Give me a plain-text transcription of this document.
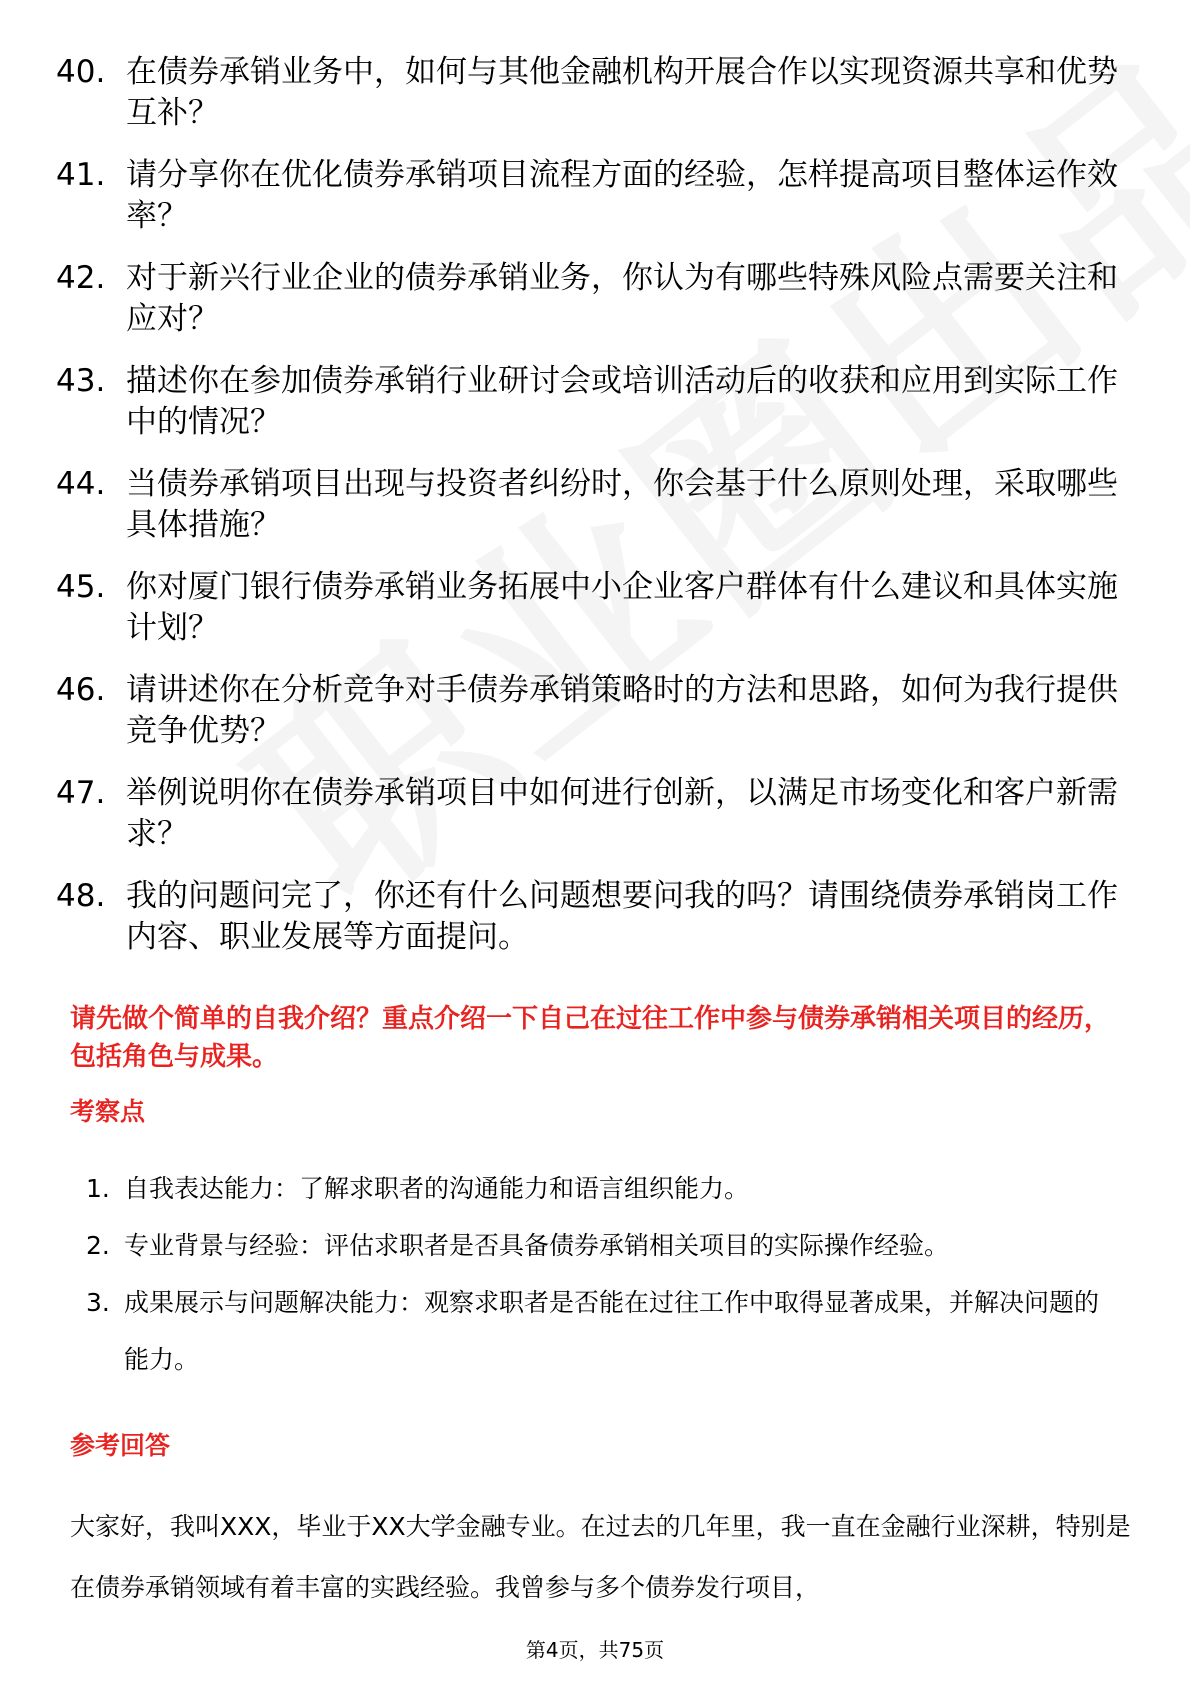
40. 在债券承销业务中，如何与其他金融机构开展合作以实现资源共享和优势互补？
41. 请分享你在优化债券承销项目流程方面的经验，怎样提高项目整体运作效率？
42. 对于新兴行业企业的债券承销业务，你认为有哪些特殊风险点需要关注和应对？
43. 描述你在参加债券承销行业研讨会或培训活动后的收获和应用到实际工作中的情况？
44. 当债券承销项目出现与投资者纠纷时，你会基于什么原则处理，采取哪些具体措施？
45. 你对厦门银行债券承销业务拓展中小企业客户群体有什么建议和具体实施计划？
46. 请讲述你在分析竞争对手债券承销策略时的方法和思路，如何为我行提供竞争优势？
47. 举例说明你在债券承销项目中如何进行创新，以满足市场变化和客户新需求？
48. 我的问题问完了，你还有什么问题想要问我的吗？请围绕债券承销岗工作内容、职业发展等方面提问。

请先做个简单的自我介绍？重点介绍一下自己在过往工作中参与债券承销相关项目的经历，包括角色与成果。

考察点

1. 自我表达能力：了解求职者的沟通能力和语言组织能力。
2. 专业背景与经验：评估求职者是否具备债券承销相关项目的实际操作经验。
3. 成果展示与问题解决能力：观察求职者是否能在过往工作中取得显著成果，并解决问题的能力。

参考回答

大家好，我叫XXX，毕业于XX大学金融专业。在过去的几年里，我一直在金融行业深耕，特别是在债券承销领域有着丰富的实践经验。我曾参与多个债券发行项目，

第4页，共75页
